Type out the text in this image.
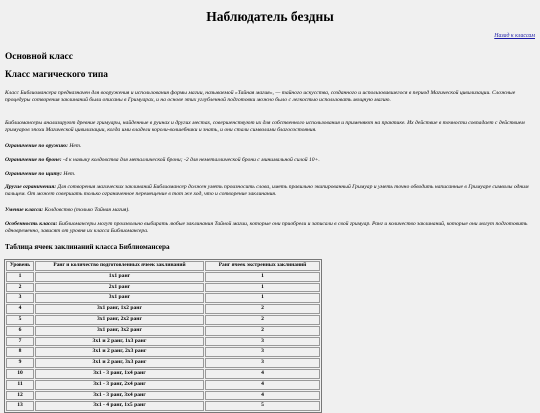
Наблюдатель бездны
Назад к классам
Основной класс
Класс магического типа
Класс Библиомансера предназначен для вооружения и использования формы магии, называемой «Тайная магия», — тайного искусства, созданного и использовавшегося в период Магической цивилизации. Сложные процедуры сотворения заклинаний были описаны в Гримуарах, и на основе этих углубленной подготовки можно было с легкостью использовать мощную магию.
Библиомансеры анализируют древние гримуары, найденные в руинах и других местах, совершенствуют их для собственного использования и применяют на практике. Их действие в точности совпадает с действием гримуаров эпохи Магической цивилизации, когда ими владели короли-волшебники и знать, и они стали символами благосостояния.
Ограничение по оружию: Нет.
Ограничение по броне: -4 к навыку колдовства для металлической брони; -2 для неметаллической брони с минимальной силой 10+.
Ограничение по щиту: Нет.
Другие ограничения: Для сотворения магических заклинаний Библиомансер должен уметь произносить слова, иметь правильно экипированный Гримуар и уметь точно обводить написанные в Гримуаре символы одним пальцем. От может совершать только ограниченное перемещение в тот же ход, что и сотворение заклинания.
Умение класса: Колдовство (только Тайная магия).
Особенность класса: Библиомансеры могут произвольно выбирать любые заклинания Тайной магии, которые они приобрели и записали в свой гримуар. Ранг и количество заклинаний, которые они могут подготовить одновременно, зависят от уровня их класса Библиомансера.
Таблица ячеек заклинаний класса Библиомансера
Уровень	Ранг и количество подготовленных ячеек заклинаний	Ранг ячеек экстренных заклинаний
1	1x1 ранг	1
2	2x1 ранг	1
3	3x1 ранг	1
4	3x1 ранг, 1x2 ранг	2
5	3x1 ранг, 2x2 ранг	2
6	3x1 ранг, 3x2 ранг	2
7	3x1 и 2 ранг, 1x3 ранг	3
8	3x1 и 2 ранг, 2x3 ранг	3
9	3x1 и 2 ранг, 3x3 ранг	3
10	3x1 - 3 ранг, 1x4 ранг	4
11	3x1 - 3 ранг, 2x4 ранг	4
12	3x1 - 3 ранг, 3x4 ранг	4
13	3x1 - 4 ранг, 1x5 ранг	5
